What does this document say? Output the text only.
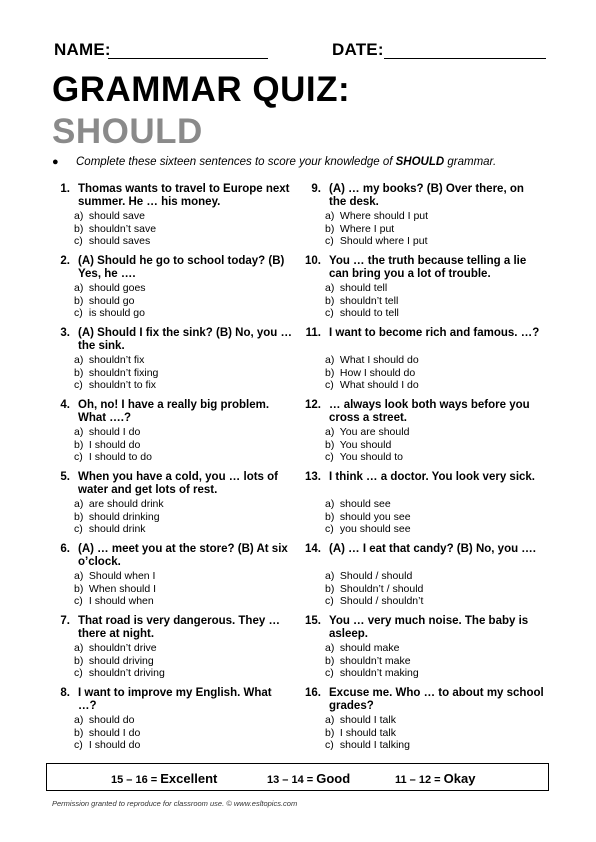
NAME:	DATE:
GRAMMAR QUIZ:
SHOULD
● Complete these sixteen sentences to score your knowledge of SHOULD grammar.
1. Thomas wants to travel to Europe next summer. He … his money.
a) should save
b) shouldn’t save
c) should saves
2. (A) Should he go to school today? (B) Yes, he ….
a) should goes
b) should go
c) is should go
3. (A) Should I fix the sink? (B) No, you … the sink.
a) shouldn’t fix
b) shouldn’t fixing
c) shouldn’t to fix
4. Oh, no! I have a really big problem. What ….?
a) should I do
b) I should do
c) I should to do
5. When you have a cold, you … lots of water and get lots of rest.
a) are should drink
b) should drinking
c) should drink
6. (A) … meet you at the store? (B) At six o’clock.
a) Should when I
b) When should I
c) I should when
7. That road is very dangerous. They … there at night.
a) shouldn’t drive
b) should driving
c) shouldn’t driving
8. I want to improve my English. What …?
a) should do
b) should I do
c) I should do
9. (A) … my books? (B) Over there, on the desk.
a) Where should I put
b) Where I put
c) Should where I put
10. You … the truth because telling a lie can bring you a lot of trouble.
a) should tell
b) shouldn’t tell
c) should to tell
11. I want to become rich and famous. …?
a) What I should do
b) How I should do
c) What should I do
12. … always look both ways before you cross a street.
a) You are should
b) You should
c) You should to
13. I think … a doctor. You look very sick.
a) should see
b) should you see
c) you should see
14. (A) … I eat that candy? (B) No, you ….
a) Should / should
b) Shouldn’t / should
c) Should / shouldn’t
15. You … very much noise. The baby is asleep.
a) should make
b) shouldn’t make
c) shouldn’t making
16. Excuse me. Who … to about my school grades?
a) should I talk
b) I should talk
c) should I talking
15 – 16 = Excellent	13 – 14 = Good	11 – 12 = Okay
Permission granted to reproduce for classroom use. © www.esltopics.com
